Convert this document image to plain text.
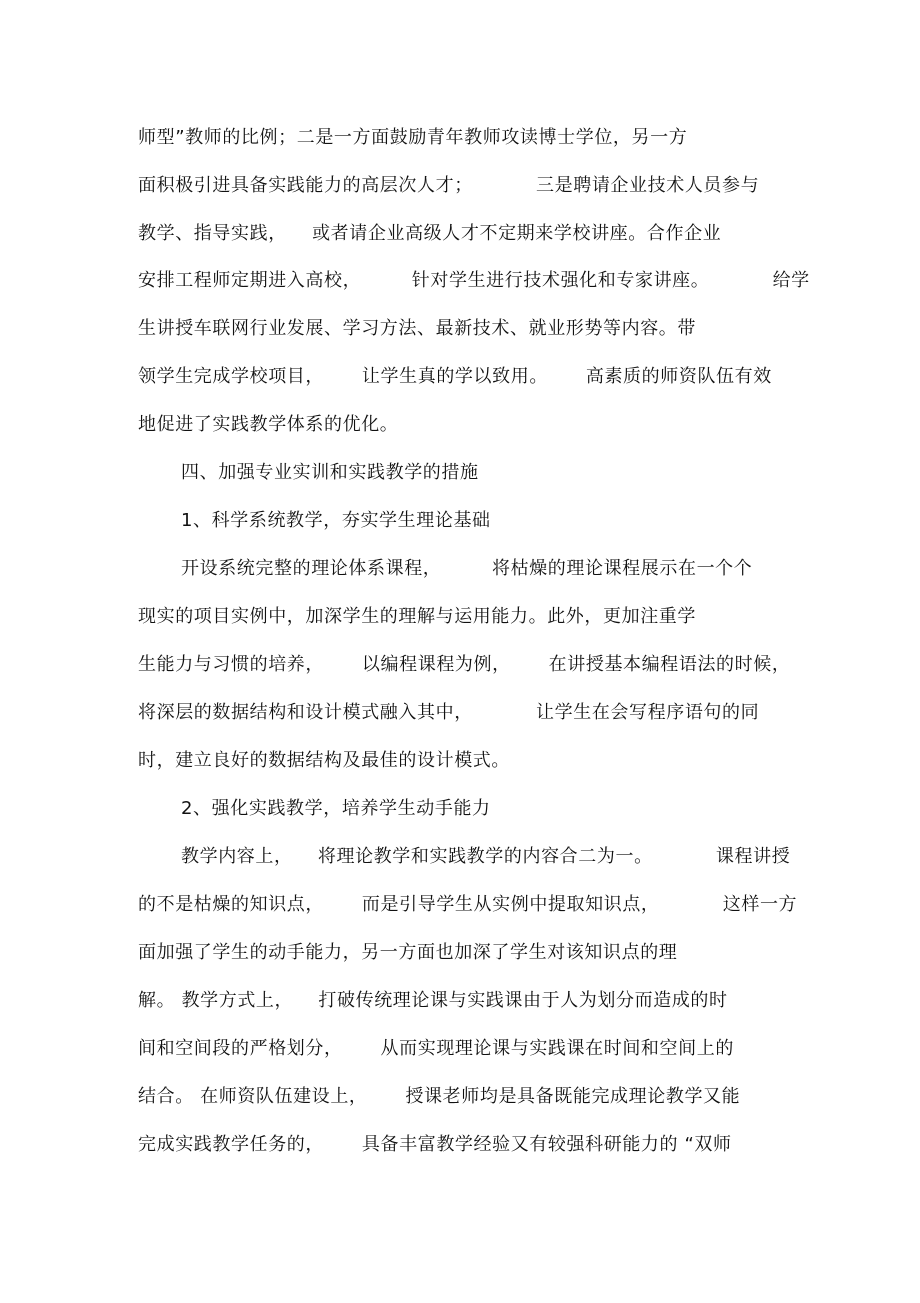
师型”教师的比例；二是一方面鼓励青年教师攻读博士学位，另一方
面积极引进具备实践能力的高层次人才；          三是聘请企业技术人员参与
教学、指导实践，    或者请企业高级人才不定期来学校讲座。合作企业
安排工程师定期进入高校，        针对学生进行技术强化和专家讲座。          给学
生讲授车联网行业发展、学习方法、最新技术、就业形势等内容。带
领学生完成学校项目，      让学生真的学以致用。      高素质的师资队伍有效
地促进了实践教学体系的优化。
四、加强专业实训和实践教学的措施
1、科学系统教学，夯实学生理论基础
开设系统完整的理论体系课程，        将枯燥的理论课程展示在一个个
现实的项目实例中，加深学生的理解与运用能力。此外，更加注重学
生能力与习惯的培养，      以编程课程为例，      在讲授基本编程语法的时候，
将深层的数据结构和设计模式融入其中，          让学生在会写程序语句的同
时，建立良好的数据结构及最佳的设计模式。
2、强化实践教学，培养学生动手能力
教学内容上，    将理论教学和实践教学的内容合二为一。          课程讲授
的不是枯燥的知识点，      而是引导学生从实例中提取知识点，          这样一方
面加强了学生的动手能力，另一方面也加深了学生对该知识点的理
解。 教学方式上，    打破传统理论课与实践课由于人为划分而造成的时
间和空间段的严格划分，      从而实现理论课与实践课在时间和空间上的
结合。 在师资队伍建设上，      授课老师均是具备既能完成理论教学又能
完成实践教学任务的，      具备丰富教学经验又有较强科研能力的 “双师
